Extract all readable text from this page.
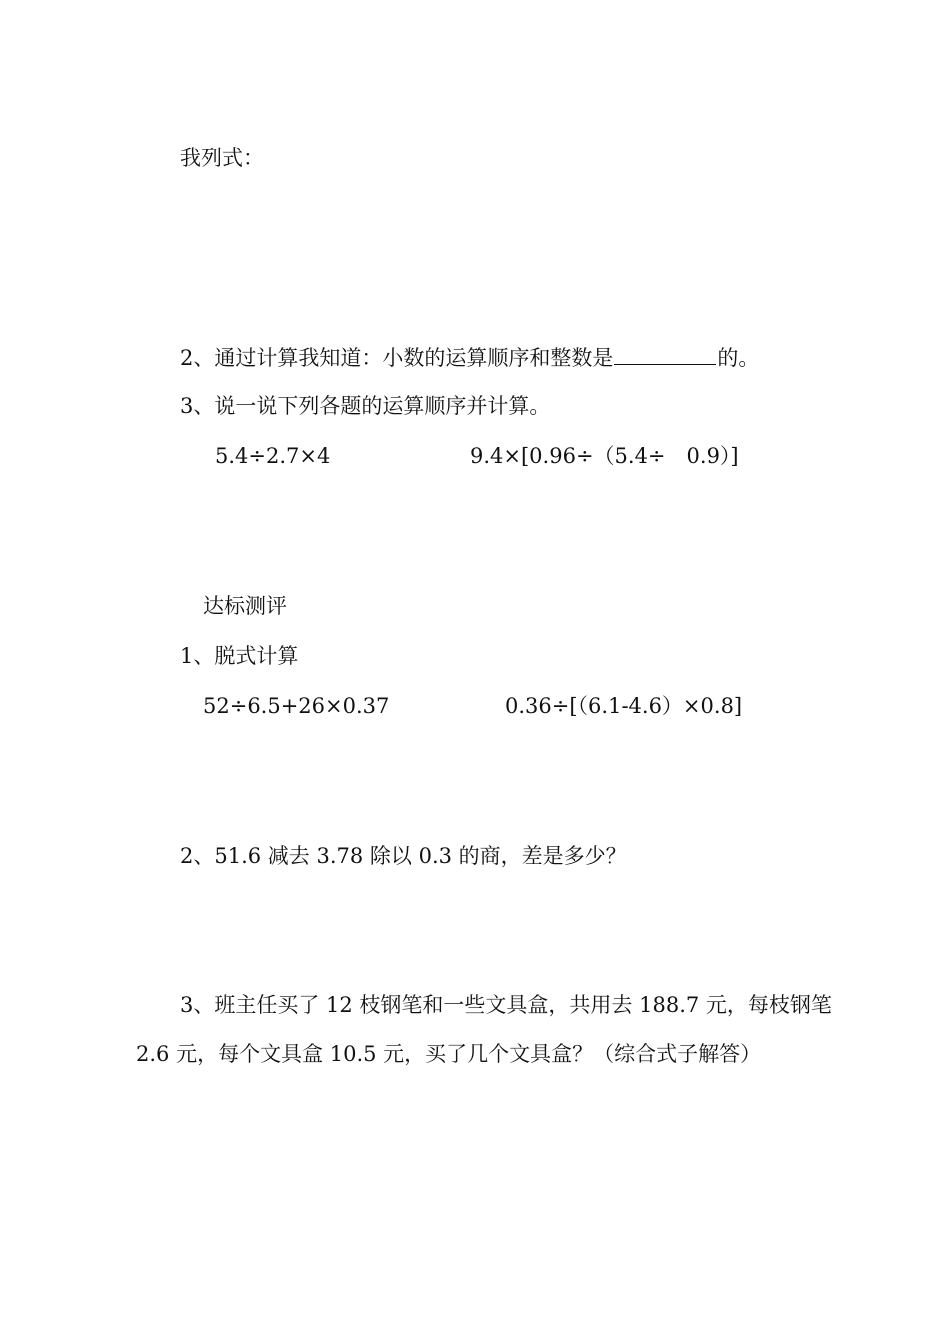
我列式：
2、通过计算我知道：小数的运算顺序和整数是	的。
3、说一说下列各题的运算顺序并计算。
5.4÷2.7×4	9.4×[0.96÷（5.4÷　0.9）]
达标测评
1、脱式计算
52÷6.5+26×0.37	0.36÷[（6.1-4.6）×0.8]
2、51.6 减去 3.78 除以 0.3 的商，差是多少？
3、班主任买了 12 枝钢笔和一些文具盒，共用去 188.7 元，每枝钢笔
2.6 元，每个文具盒 10.5 元，买了几个文具盒？（综合式子解答）
